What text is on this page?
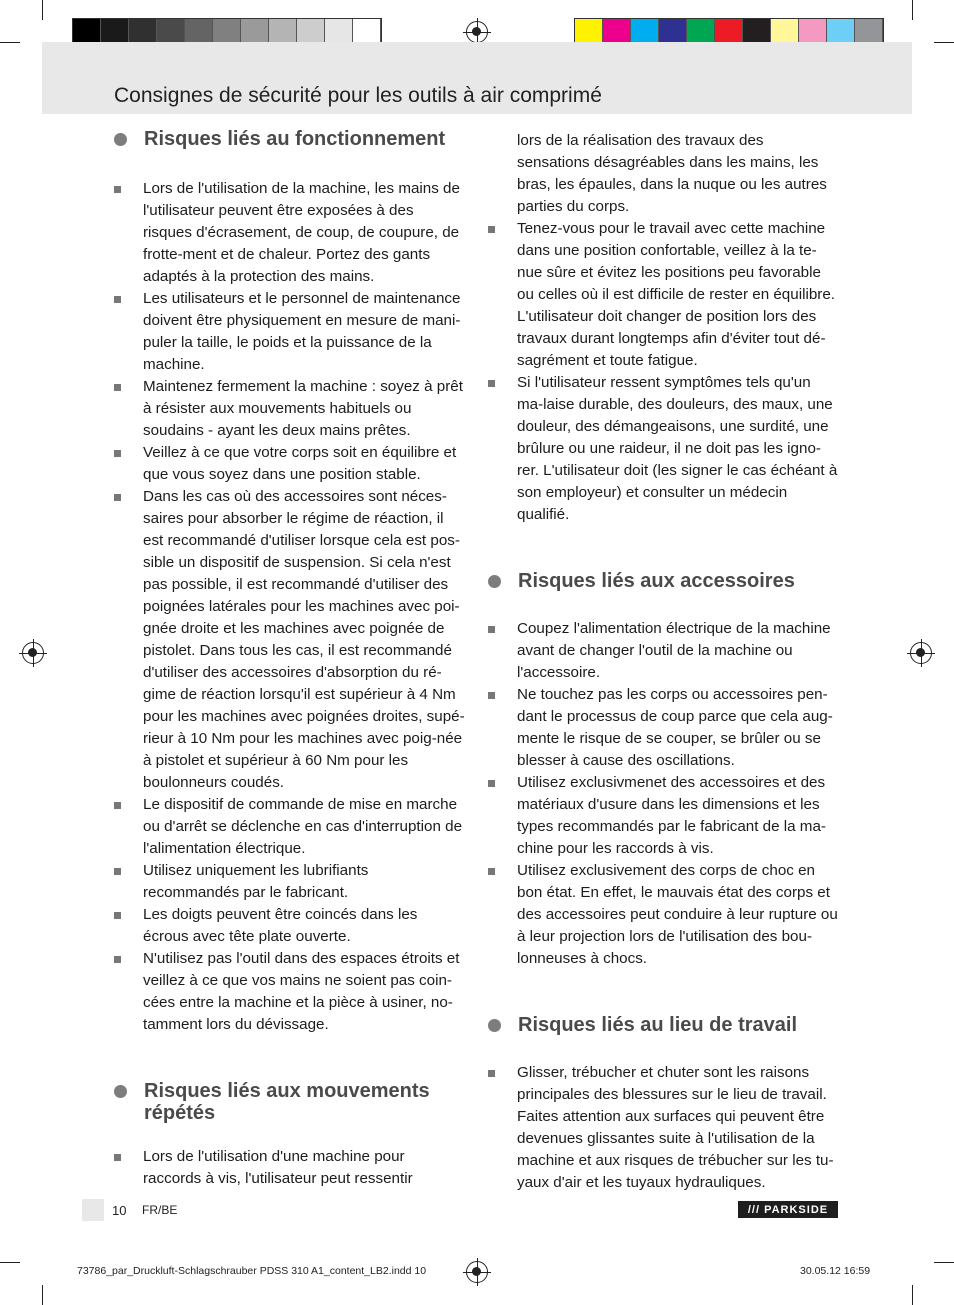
Consignes de sécurité pour les outils à air comprimé
Risques liés au fonctionnement
Lors de l'utilisation de la machine, les mains de l'utilisateur peuvent être exposées à des risques d'écrasement, de coup, de coupure, de frotte-ment et de chaleur. Portez des gants adaptés à la protection des mains.
Les utilisateurs et le personnel de maintenance doivent être physiquement en mesure de mani-puler la taille, le poids et la puissance de la machine.
Maintenez fermement la machine : soyez à prêt à résister aux mouvements habituels ou soudains - ayant les deux mains prêtes.
Veillez à ce que votre corps soit en équilibre et que vous soyez dans une position stable.
Dans les cas où des accessoires sont néces-saires pour absorber le régime de réaction, il est recommandé d'utiliser lorsque cela est pos-sible un dispositif de suspension. Si cela n'est pas possible, il est recommandé d'utiliser des poignées latérales pour les machines avec poi-gnée droite et les machines avec poignée de pistolet. Dans tous les cas, il est recommandé d'utiliser des accessoires d'absorption du ré-gime de réaction lorsqu'il est supérieur à 4 Nm pour les machines avec poignées droites, supé-rieur à 10 Nm pour les machines avec poig-née à pistolet et supérieur à 60 Nm pour les boulonneurs coudés.
Le dispositif de commande de mise en marche ou d'arrêt se déclenche en cas d'interruption de l'alimentation électrique.
Utilisez uniquement les lubrifiants recommandés par le fabricant.
Les doigts peuvent être coincés dans les écrous avec tête plate ouverte.
N'utilisez pas l'outil dans des espaces étroits et veillez à ce que vos mains ne soient pas coin-cées entre la machine et la pièce à usiner, no-tamment lors du dévissage.
Risques liés aux mouvements répétés
Lors de l'utilisation d'une machine pour raccords à vis, l'utilisateur peut ressentir
lors de la réalisation des travaux des sensations désagréables dans les mains, les bras, les épaules, dans la nuque ou les autres parties du corps.
Tenez-vous pour le travail avec cette machine dans une position confortable, veillez à la te-nue sûre et évitez les positions peu favorable ou celles où il est difficile de rester en équilibre. L'utilisateur doit changer de position lors des travaux durant longtemps afin d'éviter tout dé-sagrément et toute fatigue.
Si l'utilisateur ressent symptômes tels qu'un ma-laise durable, des douleurs, des maux, une douleur, des démangeaisons, une surdité, une brûlure ou une raideur, il ne doit pas les igno-rer. L'utilisateur doit (les signer le cas échéant à son employeur) et consulter un médecin qualifié.
Risques liés aux accessoires
Coupez l'alimentation électrique de la machine avant de changer l'outil de la machine ou l'accessoire.
Ne touchez pas les corps ou accessoires pen-dant le processus de coup parce que cela aug-mente le risque de se couper, se brûler ou se blesser à cause des oscillations.
Utilisez exclusivmenet des accessoires et des matériaux d'usure dans les dimensions et les types recommandés par le fabricant de la ma-chine pour les raccords à vis.
Utilisez exclusivement des corps de choc en bon état. En effet, le mauvais état des corps et des accessoires peut conduire à leur rupture ou à leur projection lors de l'utilisation des bou-lonneuses à chocs.
Risques liés au lieu de travail
Glisser, trébucher et chuter sont les raisons principales des blessures sur le lieu de travail. Faites attention aux surfaces qui peuvent être devenues glissantes suite à l'utilisation de la machine et aux risques de trébucher sur les tu-yaux d'air et les tuyaux hydrauliques.
10 FR/BE	/// PARKSIDE
73786_par_Druckluft-Schlagschrauber PDSS 310 A1_content_LB2.indd 10	30.05.12 16:59
